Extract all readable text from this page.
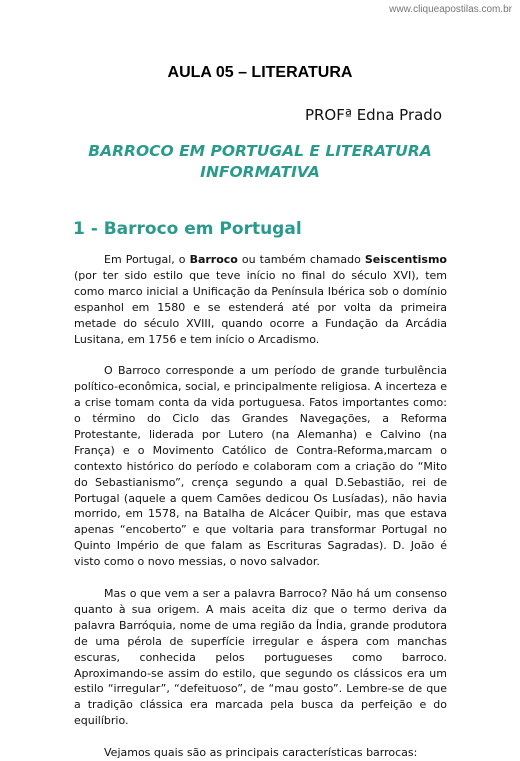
www.cliqueapostilas.com.br
AULA 05 – LITERATURA
PROFª Edna Prado
BARROCO EM PORTUGAL E LITERATURA INFORMATIVA
1 - Barroco em Portugal

Em Portugal, o Barroco ou também chamado Seiscentismo (por ter sido estilo que teve início no final do século XVI), tem como marco inicial a Unificação da Península Ibérica sob o domínio espanhol em 1580 e se estenderá até por volta da primeira metade do século XVIII, quando ocorre a Fundação da Arcádia Lusitana, em 1756 e tem início o Arcadismo.

O Barroco corresponde a um período de grande turbulência político-econômica, social, e principalmente religiosa. A incerteza e a crise tomam conta da vida portuguesa. Fatos importantes como: o término do Ciclo das Grandes Navegações, a Reforma Protestante, liderada por Lutero (na Alemanha) e Calvino (na França) e o Movimento Católico de Contra-Reforma,marcam o contexto histórico do período e colaboram com a criação do “Mito do Sebastianismo”, crença segundo a qual D.Sebastião, rei de Portugal (aquele a quem Camões dedicou Os Lusíadas), não havia morrido, em 1578, na Batalha de Alcácer Quibir, mas que estava apenas “encoberto” e que voltaria para transformar Portugal no Quinto Império de que falam as Escrituras Sagradas). D. João é visto como o novo messias, o novo salvador.

Mas o que vem a ser a palavra Barroco? Não há um consenso quanto à sua origem. A mais aceita diz que o termo deriva da palavra Barróquia, nome de uma região da Índia, grande produtora de uma pérola de superfície irregular e áspera com manchas escuras, conhecida pelos portugueses como barroco. Aproximando-se assim do estilo, que segundo os clássicos era um estilo “irregular”, “defeituoso”, de “mau gosto”. Lembre-se de que a tradição clássica era marcada pela busca da perfeição e do equilíbrio.

Vejamos quais são as principais características barrocas:
